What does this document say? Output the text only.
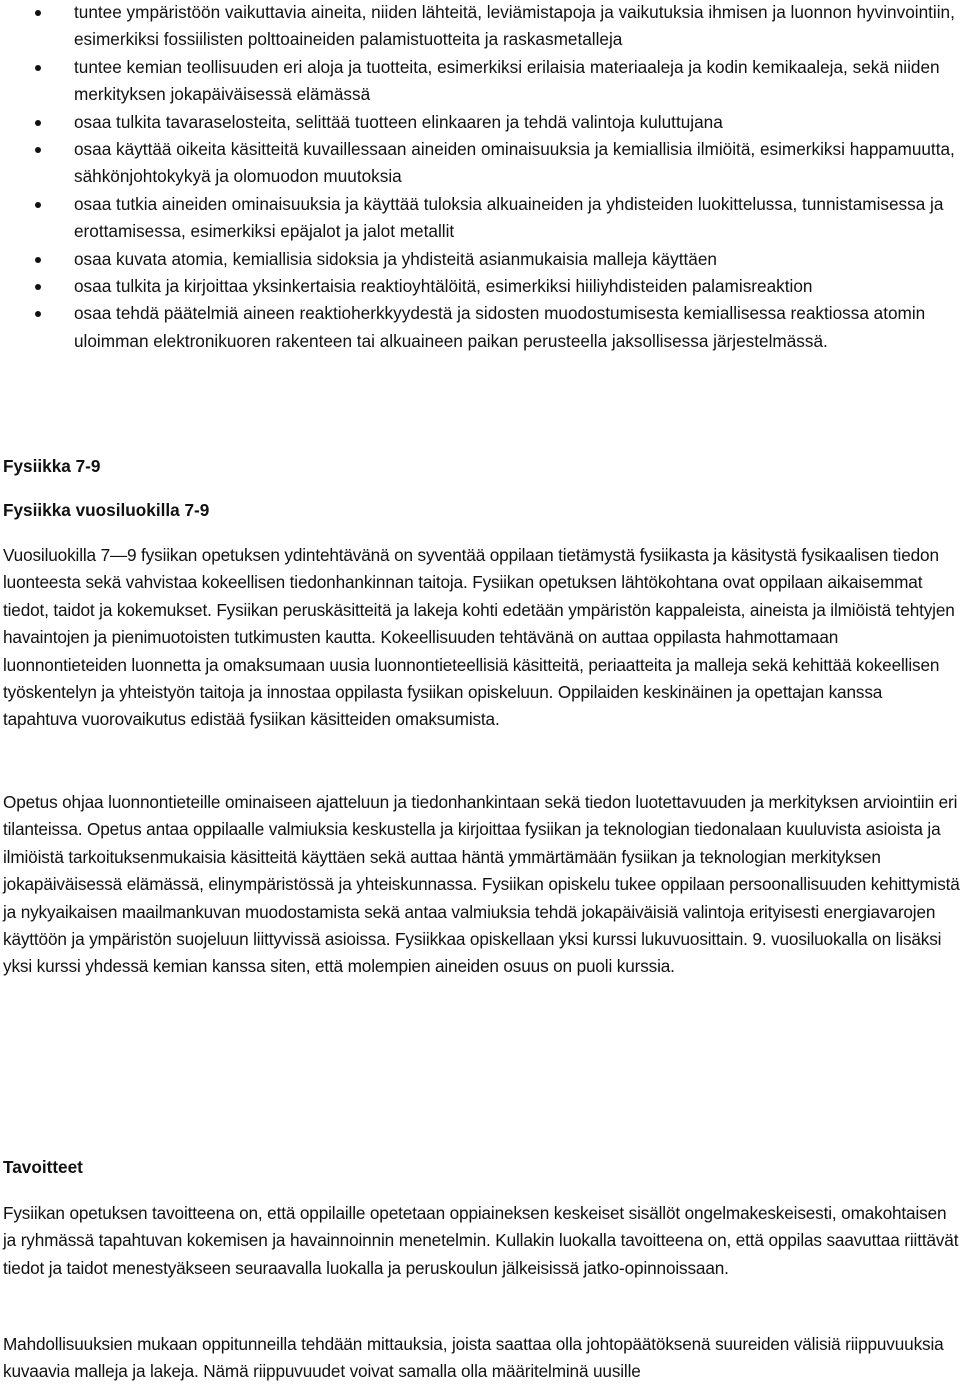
tuntee ympäristöön vaikuttavia aineita, niiden lähteitä, leviämistapoja ja vaikutuksia ihmisen ja luonnon hyvinvointiin, esimerkiksi fossiilisten polttoaineiden palamistuotteita ja raskasmetalleja
tuntee kemian teollisuuden eri aloja ja tuotteita, esimerkiksi erilaisia materiaaleja ja kodin kemikaaleja, sekä niiden merkityksen jokapäiväisessä elämässä
osaa tulkita tavaraselosteita, selittää tuotteen elinkaaren ja tehdä valintoja kuluttujana
osaa käyttää oikeita käsitteitä kuvaillessaan aineiden ominaisuuksia ja kemiallisia ilmiöitä, esimerkiksi happamuutta, sähkönjohtokykyä ja olomuodon muutoksia
osaa tutkia aineiden ominaisuuksia ja käyttää tuloksia alkuaineiden ja yhdisteiden luokittelussa, tunnistamisessa ja erottamisessa, esimerkiksi epäjalot ja jalot metallit
osaa kuvata atomia, kemiallisia sidoksia ja yhdisteitä asianmukaisia malleja käyttäen
osaa tulkita ja kirjoittaa yksinkertaisia reaktioyhtälöitä, esimerkiksi hiiliyhdisteiden palamisreaktion
osaa tehdä päätelmiä aineen reaktioherkkyydestä ja sidosten muodostumisesta kemiallisessa reaktiossa atomin uloimman elektronikuoren rakenteen tai alkuaineen paikan perusteella jaksollisessa järjestelmässä.
Fysiikka 7-9
Fysiikka vuosiluokilla 7-9

Vuosiluokilla 7—9 fysiikan opetuksen ydintehtävänä on syventää oppilaan tietämystä fysiikasta ja käsitystä fysikaalisen tiedon luonteesta sekä vahvistaa kokeellisen tiedonhankinnan taitoja. Fysiikan opetuksen lähtökohtana ovat oppilaan aikaisemmat tiedot, taidot ja kokemukset. Fysiikan peruskäsitteitä ja lakeja kohti edetään ympäristön kappaleista, aineista ja ilmiöistä tehtyjen havaintojen ja pienimuotoisten tutkimusten kautta. Kokeellisuuden tehtävänä on auttaa oppilasta hahmottamaan luonnontieteiden luonnetta ja omaksumaan uusia luonnontieteellisiä käsitteitä, periaatteita ja malleja sekä kehittää kokeellisen työskentelyn ja yhteistyön taitoja ja innostaa oppilasta fysiikan opiskeluun. Oppilaiden keskinäinen ja opettajan kanssa tapahtuva vuorovaikutus edistää fysiikan käsitteiden omaksumista.

Opetus ohjaa luonnontieteille ominaiseen ajatteluun ja tiedonhankintaan sekä tiedon luotettavuuden ja merkityksen arviointiin eri tilanteissa. Opetus antaa oppilaalle valmiuksia keskustella ja kirjoittaa fysiikan ja teknologian tiedonalaan kuuluvista asioista ja ilmiöistä tarkoituksenmukaisia käsitteitä käyttäen sekä auttaa häntä ymmärtämään fysiikan ja teknologian merkityksen jokapäiväisessä elämässä, elinympäristössä ja yhteiskunnassa. Fysiikan opiskelu tukee oppilaan persoonallisuuden kehittymistä ja nykyaikaisen maailmankuvan muodostamista sekä antaa valmiuksia tehdä jokapäiväisiä valintoja erityisesti energiavarojen käyttöön ja ympäristön suojeluun liittyvissä asioissa. Fysiikkaa opiskellaan yksi kurssi lukuvuosittain. 9. vuosiluokalla on lisäksi yksi kurssi yhdessä kemian kanssa siten, että molempien aineiden osuus on puoli kurssia.

Tavoitteet

Fysiikan opetuksen tavoitteena on, että oppilaille opetetaan oppiaineksen keskeiset sisällöt ongelmakeskeisesti, omakohtaisen ja ryhmässä tapahtuvan kokemisen ja havainnoinnin menetelmin. Kullakin luokalla tavoitteena on, että oppilas saavuttaa riittävät tiedot ja taidot menestyäkseen seuraavalla luokalla ja peruskoulun jälkeisissä jatko-opinnoissaan.

Mahdollisuuksien mukaan oppitunneilla tehdään mittauksia, joista saattaa olla johtopäätöksenä suureiden välisiä riippuvuuksia kuvaavia malleja ja lakeja. Nämä riippuvuudet voivat samalla olla määritelminä uusille
